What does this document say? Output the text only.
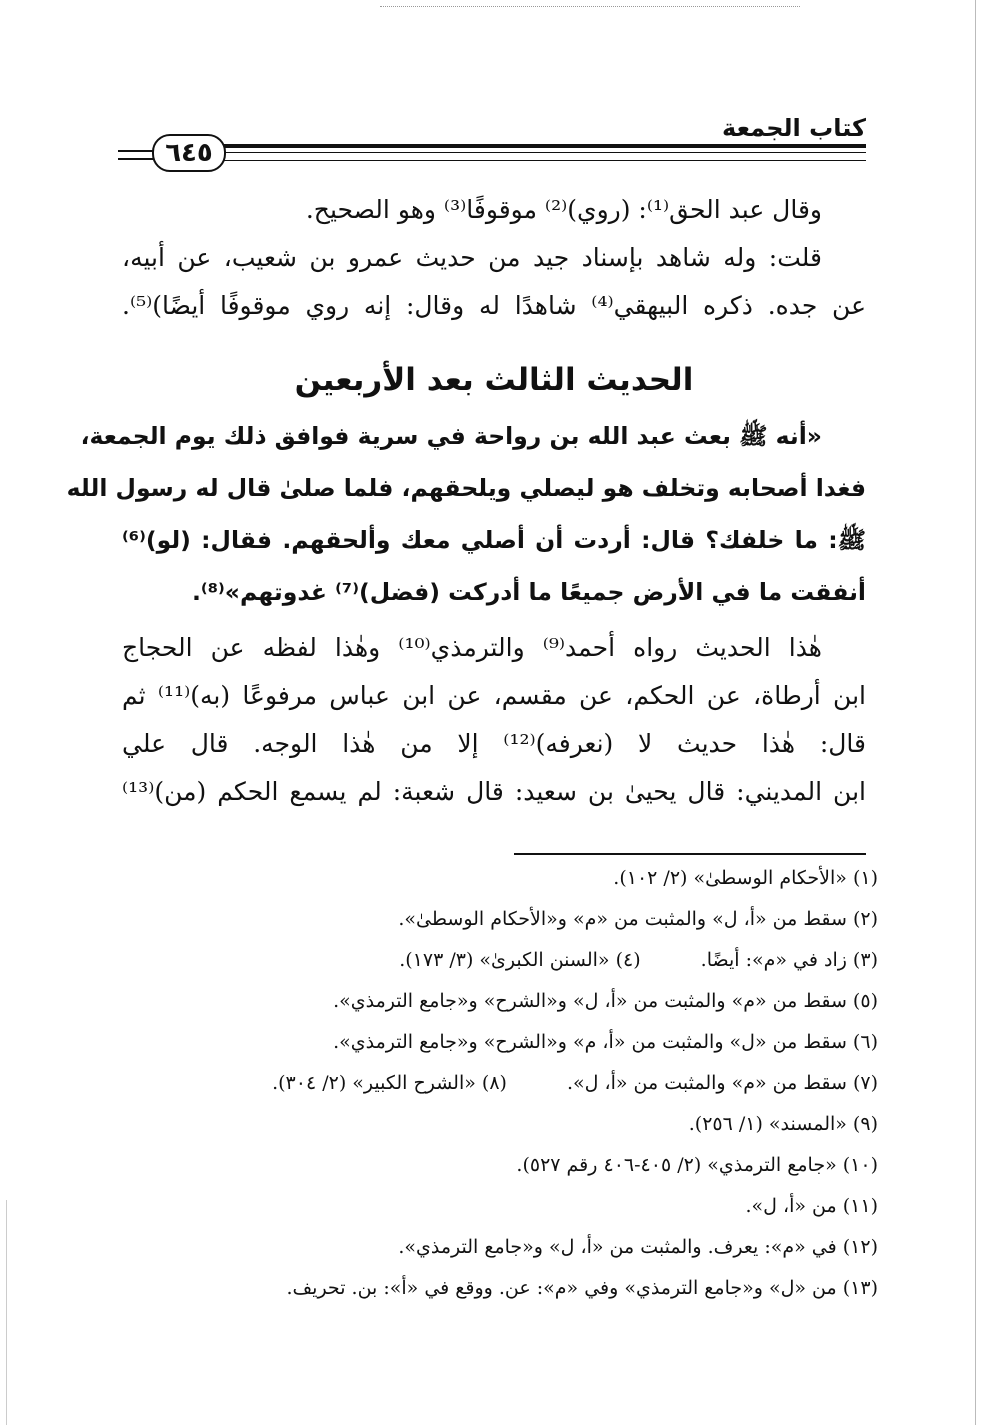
كتاب الجمعة
٦٤٥
وقال عبد الحق⁽¹⁾: (روي)⁽²⁾ موقوفًا⁽³⁾ وهو الصحيح.
قلت: وله شاهد بإسناد جيد من حديث عمرو بن شعيب، عن أبيه،
عن جده. ذكره البيهقي⁽⁴⁾ شاهدًا له وقال: إنه روي موقوفًا أيضًا)⁽⁵⁾.
الحديث الثالث بعد الأربعين
«أنه ﷺ بعث عبد الله بن رواحة في سرية فوافق ذلك يوم الجمعة،
فغدا أصحابه وتخلف هو ليصلي ويلحقهم، فلما صلىٰ قال له رسول الله
ﷺ: ما خلفك؟ قال: أردت أن أصلي معك وألحقهم. فقال: (لو)⁽⁶⁾
أنفقت ما في الأرض جميعًا ما أدركت (فضل)⁽⁷⁾ غدوتهم»⁽⁸⁾.
هٰذا الحديث رواه أحمد⁽⁹⁾ والترمذي⁽¹⁰⁾ وهٰذا لفظه عن الحجاج
ابن أرطاة، عن الحكم، عن مقسم، عن ابن عباس مرفوعًا (به)⁽¹¹⁾ ثم
قال: هٰذا حديث لا (نعرفه)⁽¹²⁾ إلا من هٰذا الوجه. قال علي
ابن المديني: قال يحيىٰ بن سعيد: قال شعبة: لم يسمع الحكم (من)⁽¹³⁾
(١) «الأحكام الوسطىٰ» (٢/ ١٠٢).
(٢) سقط من «أ، ل» والمثبت من «م» و«الأحكام الوسطىٰ».
(٣) زاد في «م»: أيضًا.(٤) «السنن الكبرىٰ» (٣/ ١٧٣).
(٥) سقط من «م» والمثبت من «أ، ل» و«الشرح» و«جامع الترمذي».
(٦) سقط من «ل» والمثبت من «أ، م» و«الشرح» و«جامع الترمذي».
(٧) سقط من «م» والمثبت من «أ، ل».(٨) «الشرح الكبير» (٢/ ٣٠٤).
(٩) «المسند» (١/ ٢٥٦).
(١٠) «جامع الترمذي» (٢/ ٤٠٥-٤٠٦ رقم ٥٢٧).
(١١) من «أ، ل».
(١٢) في «م»: يعرف. والمثبت من «أ، ل» و«جامع الترمذي».
(١٣) من «ل» و«جامع الترمذي» وفي «م»: عن. ووقع في «أ»: بن. تحريف.
